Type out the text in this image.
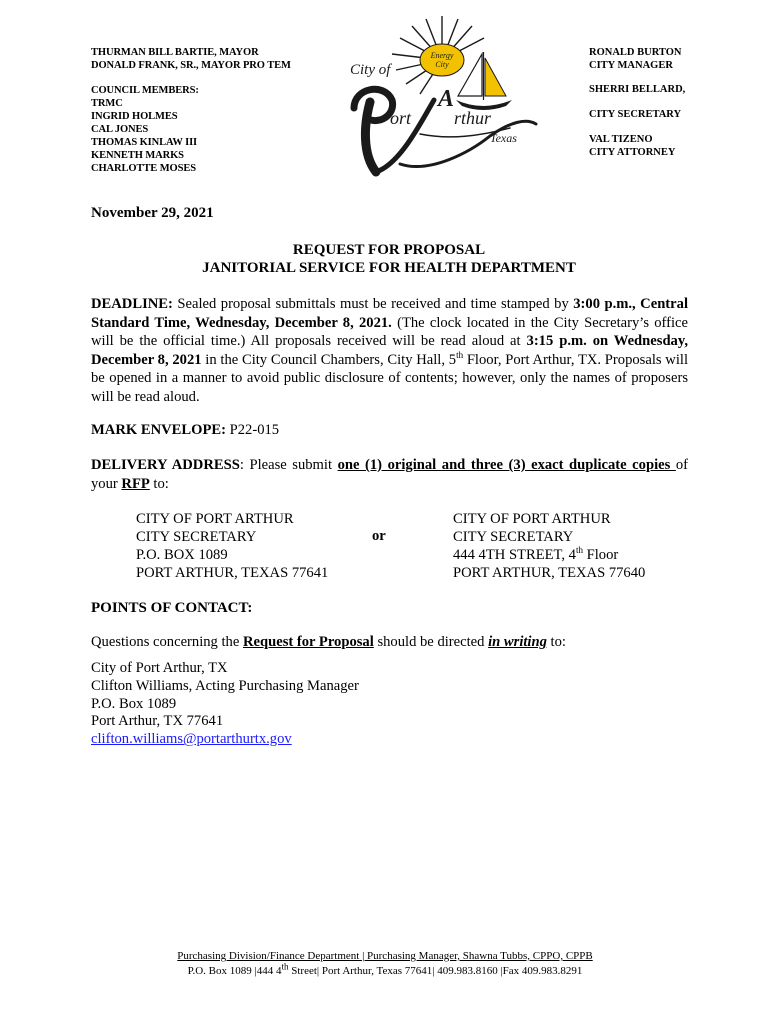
THURMAN BILL BARTIE, MAYOR
DONALD FRANK, SR., MAYOR PRO TEM
COUNCIL MEMBERS:
TRMC
INGRID HOLMES
CAL JONES
THOMAS KINLAW III
KENNETH MARKS
CHARLOTTE MOSES
Energy
City
City of
ort
A
rthur
Texas
RONALD BURTON
CITY MANAGER
SHERRI BELLARD,
CITY SECRETARY
VAL TIZENO
CITY ATTORNEY
November 29, 2021
REQUEST FOR PROPOSAL
JANITORIAL SERVICE FOR HEALTH DEPARTMENT
DEADLINE: Sealed proposal submittals must be received and time stamped by 3:00 p.m., Central Standard Time, Wednesday, December 8, 2021. (The clock located in the City Secretary’s office will be the official time.) All proposals received will be read aloud at 3:15 p.m. on Wednesday, December 8, 2021 in the City Council Chambers, City Hall, 5th Floor, Port Arthur, TX. Proposals will be opened in a manner to avoid public disclosure of contents; however, only the names of proposers will be read aloud.
MARK ENVELOPE: P22-015
DELIVERY ADDRESS: Please submit one (1) original and three (3) exact duplicate copies of your RFP to:
CITY OF PORT ARTHUR
CITY SECRETARY
P.O. BOX 1089
PORT ARTHUR, TEXAS 77641
or
CITY OF PORT ARTHUR
CITY SECRETARY
444 4TH STREET, 4th Floor
PORT ARTHUR, TEXAS 77640
POINTS OF CONTACT:
Questions concerning the Request for Proposal should be directed in writing to:
City of Port Arthur, TX
Clifton Williams, Acting Purchasing Manager
P.O. Box 1089
Port Arthur, TX 77641
clifton.williams@portarthurtx.gov
Purchasing Division/Finance Department | Purchasing Manager, Shawna Tubbs, CPPO, CPPB
P.O. Box 1089 |444 4th Street| Port Arthur, Texas 77641| 409.983.8160 |Fax 409.983.8291
